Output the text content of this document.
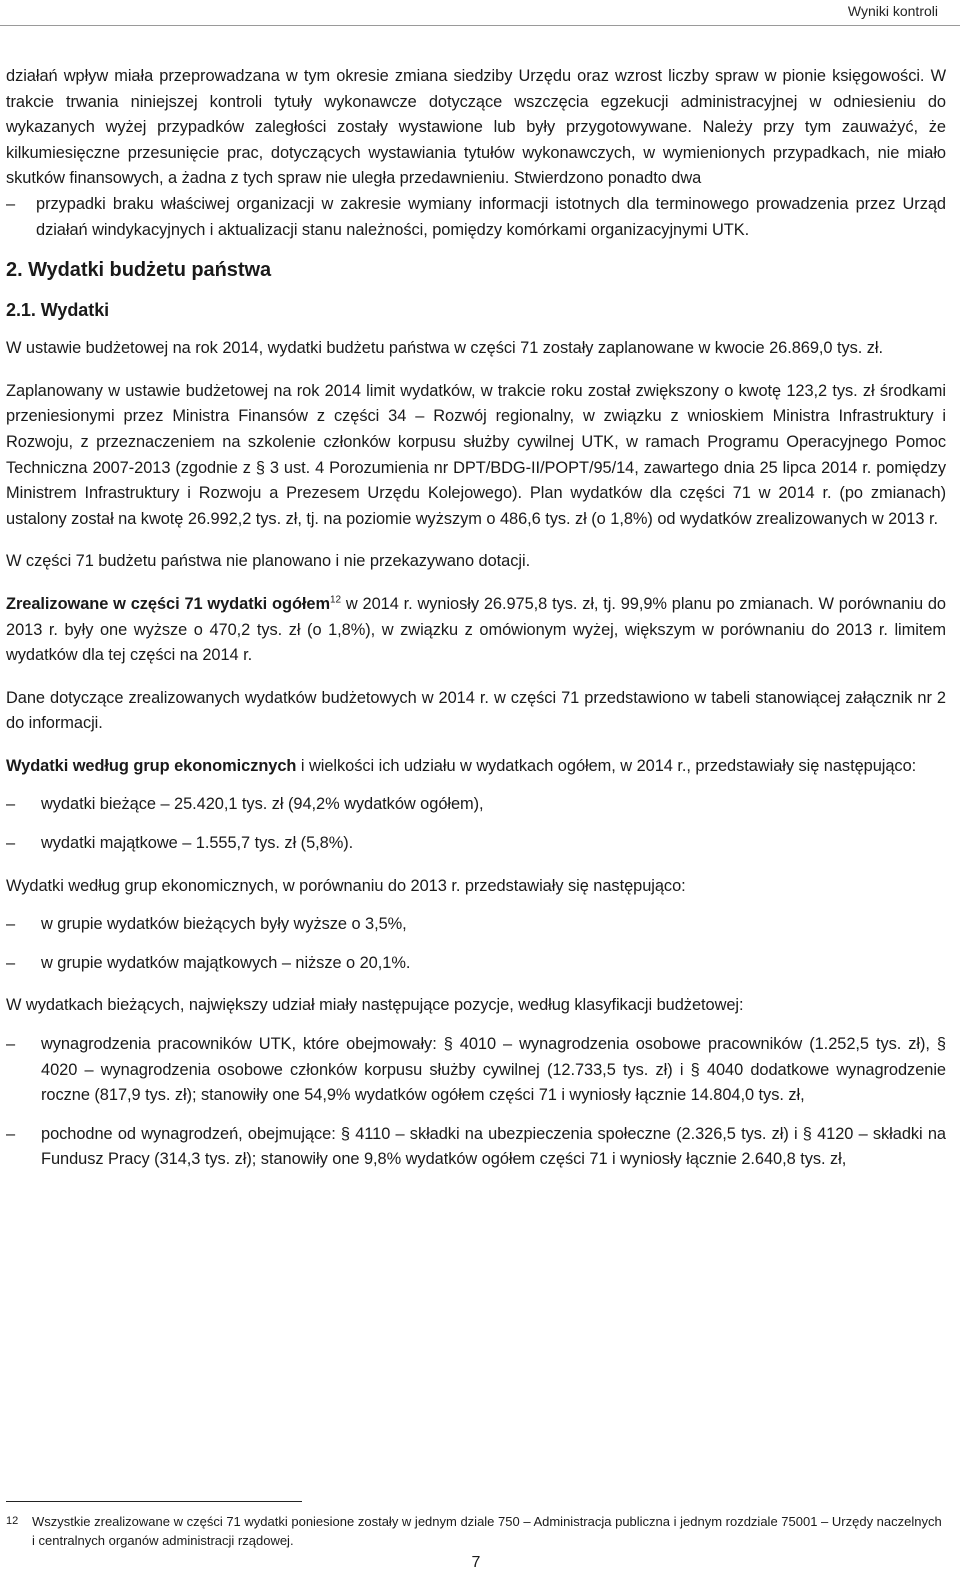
Wyniki kontroli

działań wpływ miała przeprowadzana w tym okresie zmiana siedziby Urzędu oraz wzrost liczby spraw w pionie księgowości. W trakcie trwania niniejszej kontroli tytuły wykonawcze dotyczące wszczęcia egzekucji administracyjnej w odniesieniu do wykazanych wyżej przypadków zaległości zostały wystawione lub były przygotowywane. Należy przy tym zauważyć, że kilkumiesięczne przesunięcie prac, dotyczących wystawiania tytułów wykonawczych, w wymienionych przypadkach, nie miało skutków finansowych, a żadna z tych spraw nie uległa przedawnieniu. Stwierdzono ponadto dwa

– przypadki braku właściwej organizacji w zakresie wymiany informacji istotnych dla terminowego prowadzenia przez Urząd działań windykacyjnych i aktualizacji stanu należności, pomiędzy komórkami organizacyjnymi UTK.
2. Wydatki budżetu państwa
2.1. Wydatki

W ustawie budżetowej na rok 2014, wydatki budżetu państwa w części 71 zostały zaplanowane w kwocie 26.869,0 tys. zł.

Zaplanowany w ustawie budżetowej na rok 2014 limit wydatków, w trakcie roku został zwiększony o kwotę 123,2 tys. zł środkami przeniesionymi przez Ministra Finansów z części 34 – Rozwój regionalny, w związku z wnioskiem Ministra Infrastruktury i Rozwoju, z przeznaczeniem na szkolenie członków korpusu służby cywilnej UTK, w ramach Programu Operacyjnego Pomoc Techniczna 2007-2013 (zgodnie z § 3 ust. 4 Porozumienia nr DPT/BDG-II/POPT/95/14, zawartego dnia 25 lipca 2014 r. pomiędzy Ministrem Infrastruktury i Rozwoju a Prezesem Urzędu Kolejowego). Plan wydatków dla części 71 w 2014 r. (po zmianach) ustalony został na kwotę 26.992,2 tys. zł, tj. na poziomie wyższym o 486,6 tys. zł (o 1,8%) od wydatków zrealizowanych w 2013 r.

W części 71 budżetu państwa nie planowano i nie przekazywano dotacji.

Zrealizowane w części 71 wydatki ogółem$^{12}$ w 2014 r. wyniosły 26.975,8 tys. zł, tj. 99,9% planu po zmianach. W porównaniu do 2013 r. były one wyższe o 470,2 tys. zł (o 1,8%), w związku z omówionym wyżej, większym w porównaniu do 2013 r. limitem wydatków dla tej części na 2014 r.

Dane dotyczące zrealizowanych wydatków budżetowych w 2014 r. w części 71 przedstawiono w tabeli stanowiącej załącznik nr 2 do informacji.

Wydatki według grup ekonomicznych i wielkości ich udziału w wydatkach ogółem, w 2014 r., przedstawiały się następująco:

– wydatki bieżące – 25.420,1 tys. zł (94,2% wydatków ogółem),
– wydatki majątkowe – 1.555,7 tys. zł (5,8%).

Wydatki według grup ekonomicznych, w porównaniu do 2013 r. przedstawiały się następująco:

– w grupie wydatków bieżących były wyższe o 3,5%,
– w grupie wydatków majątkowych – niższe o 20,1%.

W wydatkach bieżących, największy udział miały następujące pozycje, według klasyfikacji budżetowej:

– wynagrodzenia pracowników UTK, które obejmowały: § 4010 – wynagrodzenia osobowe pracowników (1.252,5 tys. zł), § 4020 – wynagrodzenia osobowe członków korpusu służby cywilnej (12.733,5 tys. zł) i § 4040 dodatkowe wynagrodzenie roczne (817,9 tys. zł); stanowiły one 54,9% wydatków ogółem części 71 i wyniosły łącznie 14.804,0 tys. zł,
– pochodne od wynagrodzeń, obejmujące: § 4110 – składki na ubezpieczenia społeczne (2.326,5 tys. zł) i § 4120 – składki na Fundusz Pracy (314,3 tys. zł); stanowiły one 9,8% wydatków ogółem części 71 i wyniosły łącznie 2.640,8 tys. zł,
12 Wszystkie zrealizowane w części 71 wydatki poniesione zostały w jednym dziale 750 – Administracja publiczna i jednym rozdziale 75001 – Urzędy naczelnych i centralnych organów administracji rządowej.
7
